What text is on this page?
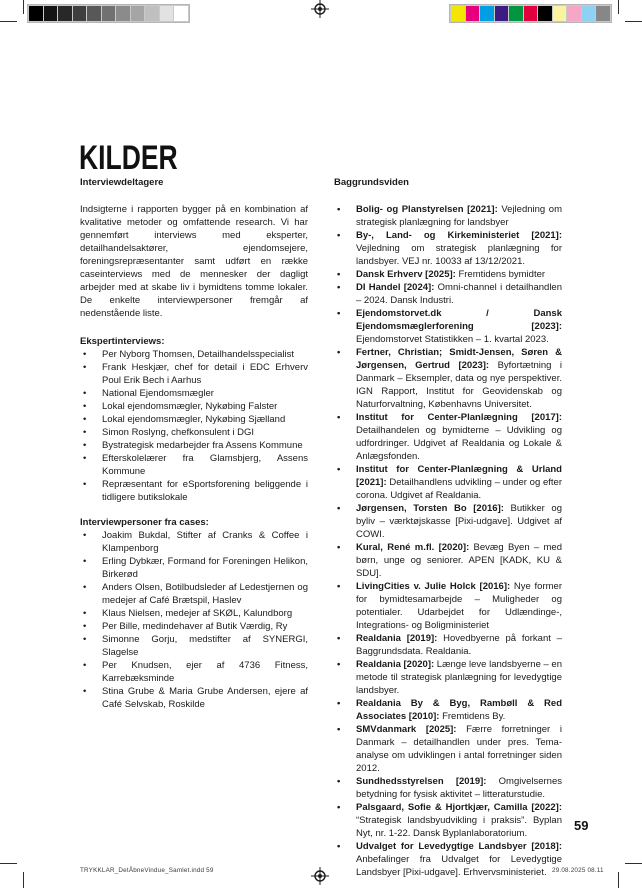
KILDER
Interviewdeltagere

Indsigterne i rapporten bygger på en kombination af kvalitative metoder og omfattende research. Vi har gennemført interviews med eksperter, detailhandelsaktører, ejendomsejere, foreningsrepræsentanter samt udført en række caseinterviews med de mennesker der dagligt arbejder med at skabe liv i bymidtens tomme lokaler. De enkelte interviewpersoner fremgår af nedenstående liste.

Ekspertinterviews:
• Per Nyborg Thomsen, Detailhandelsspecialist
• Frank Heskjær, chef for detail i EDC Erhverv Poul Erik Bech i Aarhus
• National Ejendomsmægler
• Lokal ejendomsmægler, Nykøbing Falster
• Lokal ejendomsmægler, Nykøbing Sjælland
• Simon Roslyng, chefkonsulent i DGI
• Bystrategisk medarbejder fra Assens Kommune
• Efterskolelærer fra Glamsbjerg, Assens Kommune
• Repræsentant for eSportsforening beliggende i tidligere butikslokale
Interviewpersoner fra cases:
• Joakim Bukdal, Stifter af Cranks & Coffee i Klampenborg
• Erling Dybkær, Formand for Foreningen Helikon, Birkerød
• Anders Olsen, Botilbudsleder af Ledestjernen og medejer af Café Brætspil, Haslev
• Klaus Nielsen, medejer af SKØL, Kalundborg
• Per Bille, medindehaver af Butik Værdig, Ry
• Simonne Gorju, medstifter af SYNERGI, Slagelse
• Per Knudsen, ejer af 4736 Fitness, Karrebæksminde
• Stina Grube & Maria Grube Andersen, ejere af Café Selvskab, Roskilde
Baggrundsviden
• Bolig- og Planstyrelsen [2021]: Vejledning om strategisk planlægning for landsbyer
• By-, Land- og Kirkeministeriet [2021]: Vejledning om strategisk planlægning for landsbyer. VEJ nr. 10033 af 13/12/2021.
• Dansk Erhverv [2025]: Fremtidens bymidter
• DI Handel [2024]: Omni-channel i detailhandlen – 2024. Dansk Industri.
• Ejendomstorvet.dk / Dansk Ejendomsmæglerforening [2023]: Ejendomstorvet Statistikken – 1. kvartal 2023.
• Fertner, Christian; Smidt-Jensen, Søren & Jørgensen, Gertrud [2023]: Byfortætning i Danmark – Eksempler, data og nye perspektiver. IGN Rapport, Institut for Geovidenskab og Naturforvaltning, Københavns Universitet.
• Institut for Center-Planlægning [2017]: Detailhandelen og bymidterne – Udvikling og udfordringer. Udgivet af Realdania og Lokale & Anlægsfonden.
• Institut for Center-Planlægning & Urland [2021]: Detailhandlens udvikling – under og efter corona. Udgivet af Realdania.
• Jørgensen, Torsten Bo [2016]: Butikker og byliv – værktøjskasse [Pixi-udgave]. Udgivet af COWI.
• Kural, René m.fl. [2020]: Bevæg Byen – med børn, unge og seniorer. APEN [KADK, KU & SDU].
• LivingCities v. Julie Holck [2016]: Nye former for bymidtesamarbejde – Muligheder og potentialer. Udarbejdet for Udlændinge-, Integrations- og Boligministeriet
• Realdania [2019]: Hovedbyerne på forkant – Baggrundsdata. Realdania.
• Realdania [2020]: Længe leve landsbyerne – en metode til strategisk planlægning for levedygtige landsbyer.
• Realdania By & Byg, Rambøll & Red Associates [2010]: Fremtidens By.
• SMVdanmark [2025]: Færre forretninger i Danmark – detailhandlen under pres. Tema-analyse om udviklingen i antal forretninger siden 2012.
• Sundhedsstyrelsen [2019]: Omgivelsernes betydning for fysisk aktivitet – litteraturstudie.
• Palsgaard, Sofie & Hjortkjær, Camilla [2022]: “Strategisk landsbyudvikling i praksis”. Byplan Nyt, nr. 1-22. Dansk Byplanlaboratorium.
• Udvalget for Levedygtige Landsbyer [2018]: Anbefalinger fra Udvalget for Levedygtige Landsbyer [Pixi-udgave]. Erhvervsministeriet.
59
TRYKKLAR_DetÅbneVindue_Samlet.indd 59	29.08.2025 08.11
